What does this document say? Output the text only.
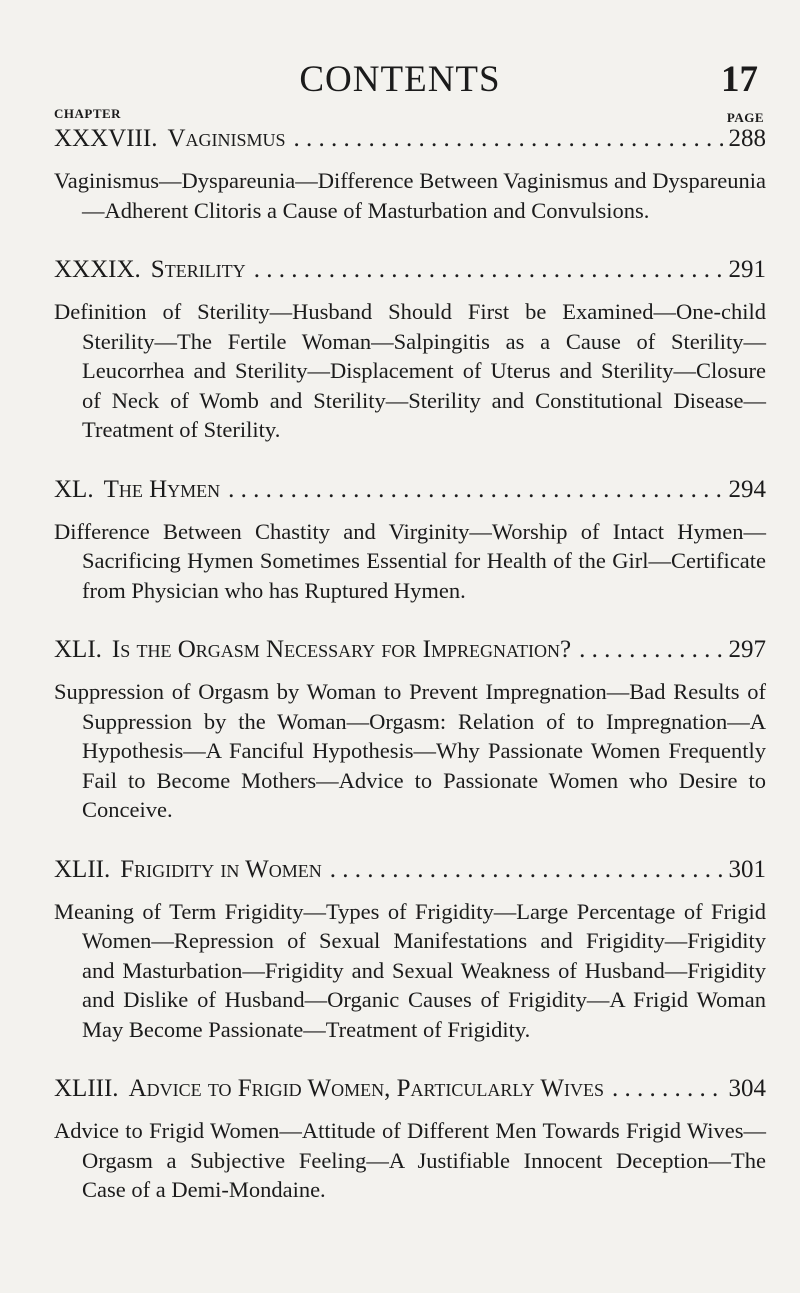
CONTENTS	17
CHAPTER	PAGE
XXXVIII. Vaginismus . . .	288
Vaginismus—Dyspareunia—Difference Between Vaginismus and Dyspareunia—Adherent Clitoris a Cause of Masturbation and Convulsions.
XXXIX. Sterility . . .	291
Definition of Sterility—Husband Should First be Examined—One-child Sterility—The Fertile Woman—Salpingitis as a Cause of Sterility—Leucorrhea and Sterility—Displacement of Uterus and Sterility—Closure of Neck of Womb and Sterility—Sterility and Constitutional Disease—Treatment of Sterility.
XL. The Hymen . . .	294
Difference Between Chastity and Virginity—Worship of Intact Hymen—Sacrificing Hymen Sometimes Essential for Health of the Girl—Certificate from Physician who has Ruptured Hymen.
XLI. Is the Orgasm Necessary for Impregnation? . . .	297
Suppression of Orgasm by Woman to Prevent Impregnation—Bad Results of Suppression by the Woman—Orgasm: Relation of to Impregnation—A Hypothesis—A Fanciful Hypothesis—Why Passionate Women Frequently Fail to Become Mothers—Advice to Passionate Women who Desire to Conceive.
XLII. Frigidity in Women . . .	301
Meaning of Term Frigidity—Types of Frigidity—Large Percentage of Frigid Women—Repression of Sexual Manifestations and Frigidity—Frigidity and Masturbation—Frigidity and Sexual Weakness of Husband—Frigidity and Dislike of Husband—Organic Causes of Frigidity—A Frigid Woman May Become Passionate—Treatment of Frigidity.
XLIII. Advice to Frigid Women, Particularly Wives . . .	304
Advice to Frigid Women—Attitude of Different Men Towards Frigid Wives—Orgasm a Subjective Feeling—A Justifiable Innocent Deception—The Case of a Demi-Mondaine.
